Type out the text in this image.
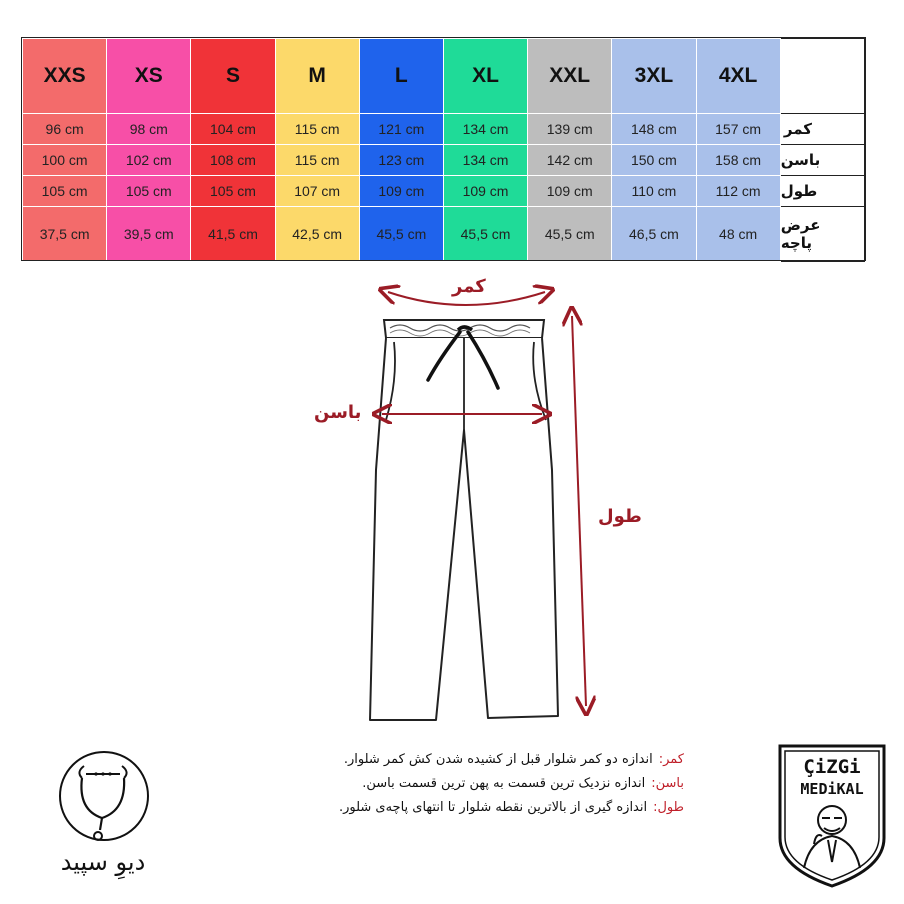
XXS	XS	S	M	L	XL	XXL	3XL	4XL	
96 cm	98 cm	104 cm	115 cm	121 cm	134 cm	139 cm	148 cm	157 cm	کمر
100 cm	102 cm	108 cm	115 cm	123 cm	134 cm	142 cm	150 cm	158 cm	باسن
105 cm	105 cm	105 cm	107 cm	109 cm	109 cm	109 cm	110 cm	112 cm	طول
37,5 cm	39,5 cm	41,5 cm	42,5 cm	45,5 cm	45,5 cm	45,5 cm	46,5 cm	48 cm	عرض پاچه
کمر
باسن
طول
کمر:اندازه دو کمر شلوار قبل از کشیده شدن کش کمر شلوار.
باسن:اندازه نزدیک ترین قسمت به پهن ترین قسمت باسن.
طول:اندازه گیری از بالاترین نقطه شلوار تا انتهای پاچه‌ی شلور.
دیوِ سپید
ÇiZGi
MEDiKAL
